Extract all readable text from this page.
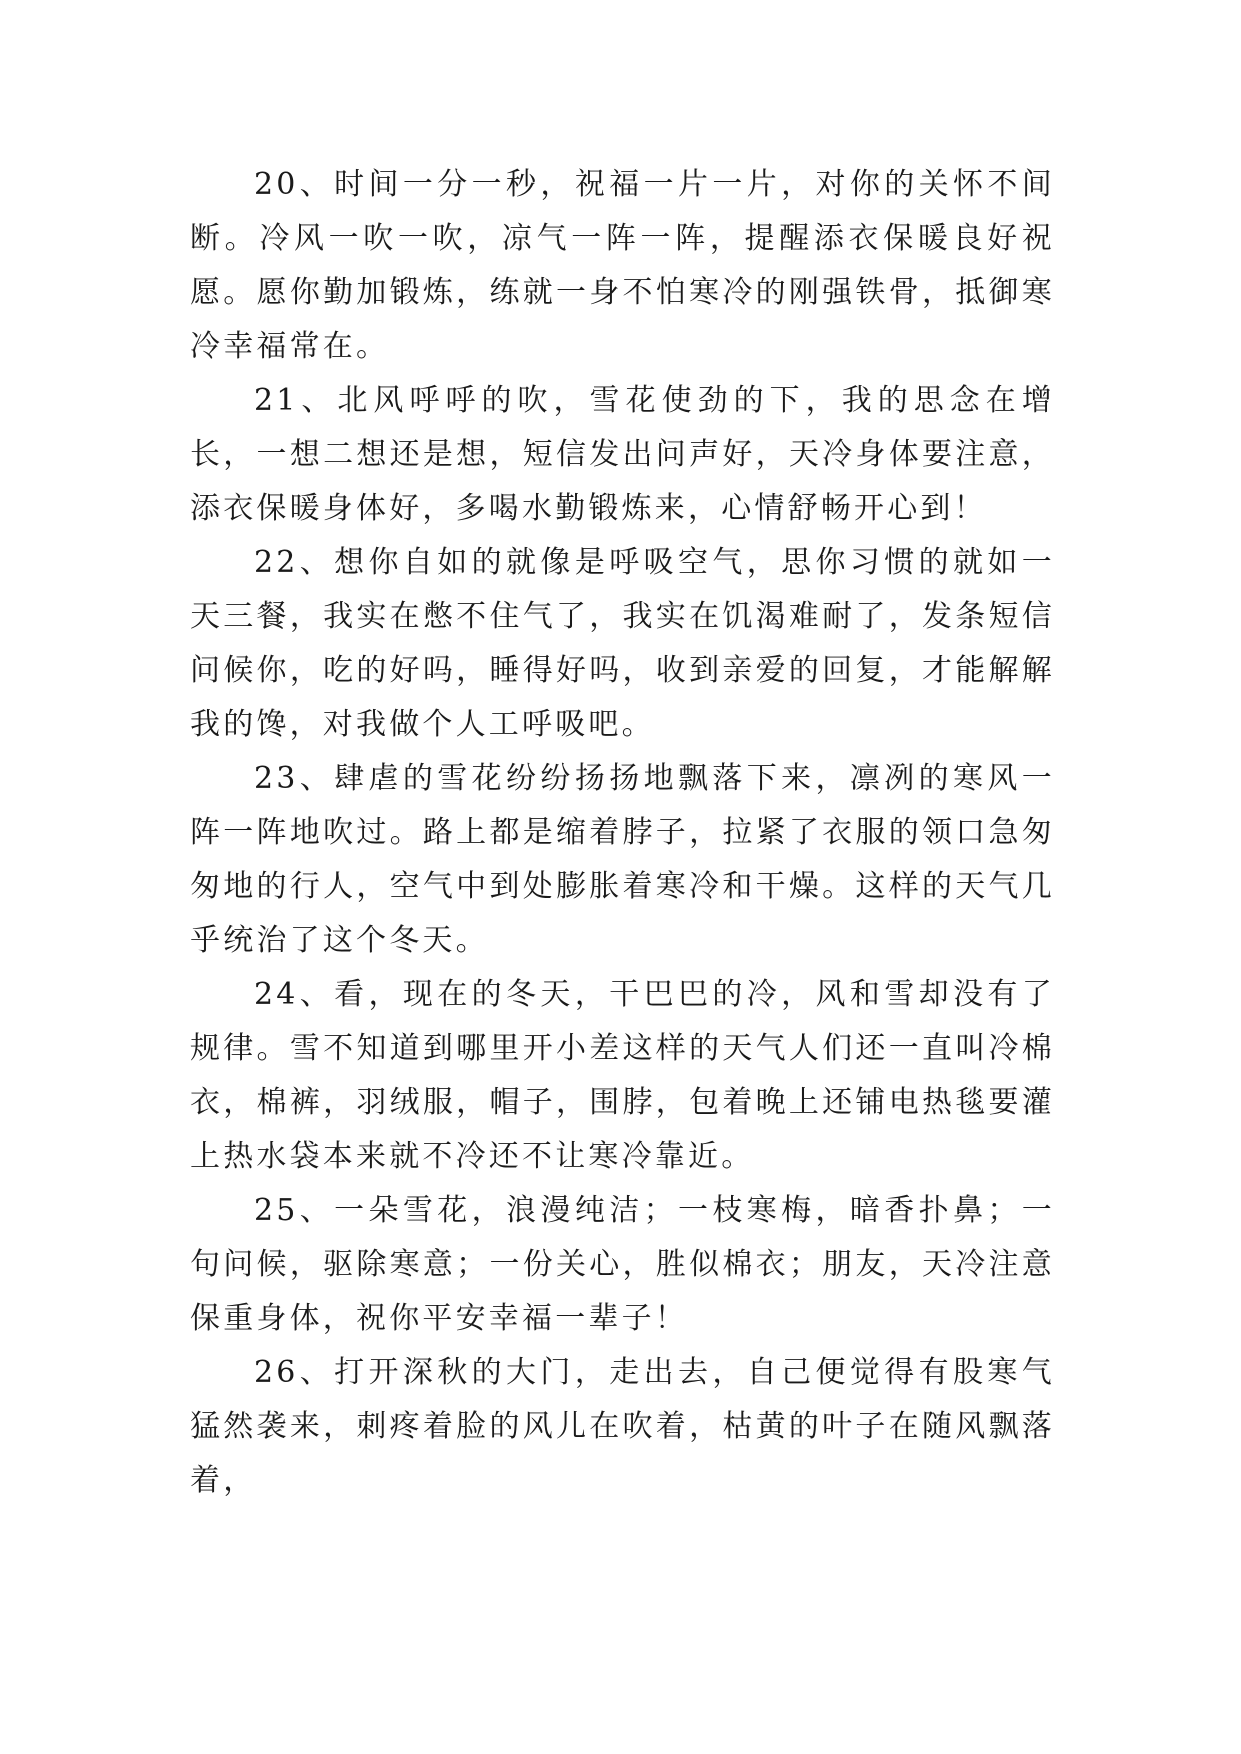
20、时间一分一秒，祝福一片一片，对你的关怀不间断。冷风一吹一吹，凉气一阵一阵，提醒添衣保暖良好祝愿。愿你勤加锻炼，练就一身不怕寒冷的刚强铁骨，抵御寒冷幸福常在。

21、北风呼呼的吹，雪花使劲的下，我的思念在增长，一想二想还是想，短信发出问声好，天冷身体要注意，添衣保暖身体好，多喝水勤锻炼来，心情舒畅开心到！

22、想你自如的就像是呼吸空气，思你习惯的就如一天三餐，我实在憋不住气了，我实在饥渴难耐了，发条短信问候你，吃的好吗，睡得好吗，收到亲爱的回复，才能解解我的馋，对我做个人工呼吸吧。

23、肆虐的雪花纷纷扬扬地飘落下来，凛冽的寒风一阵一阵地吹过。路上都是缩着脖子，拉紧了衣服的领口急匆匆地的行人，空气中到处膨胀着寒冷和干燥。这样的天气几乎统治了这个冬天。

24、看，现在的冬天，干巴巴的冷，风和雪却没有了规律。雪不知道到哪里开小差这样的天气人们还一直叫冷棉衣，棉裤，羽绒服，帽子，围脖，包着晚上还铺电热毯要灌上热水袋本来就不冷还不让寒冷靠近。

25、一朵雪花，浪漫纯洁；一枝寒梅，暗香扑鼻；一句问候，驱除寒意；一份关心，胜似棉衣；朋友，天冷注意保重身体，祝你平安幸福一辈子！

26、打开深秋的大门，走出去，自己便觉得有股寒气猛然袭来，刺疼着脸的风儿在吹着，枯黄的叶子在随风飘落着，
